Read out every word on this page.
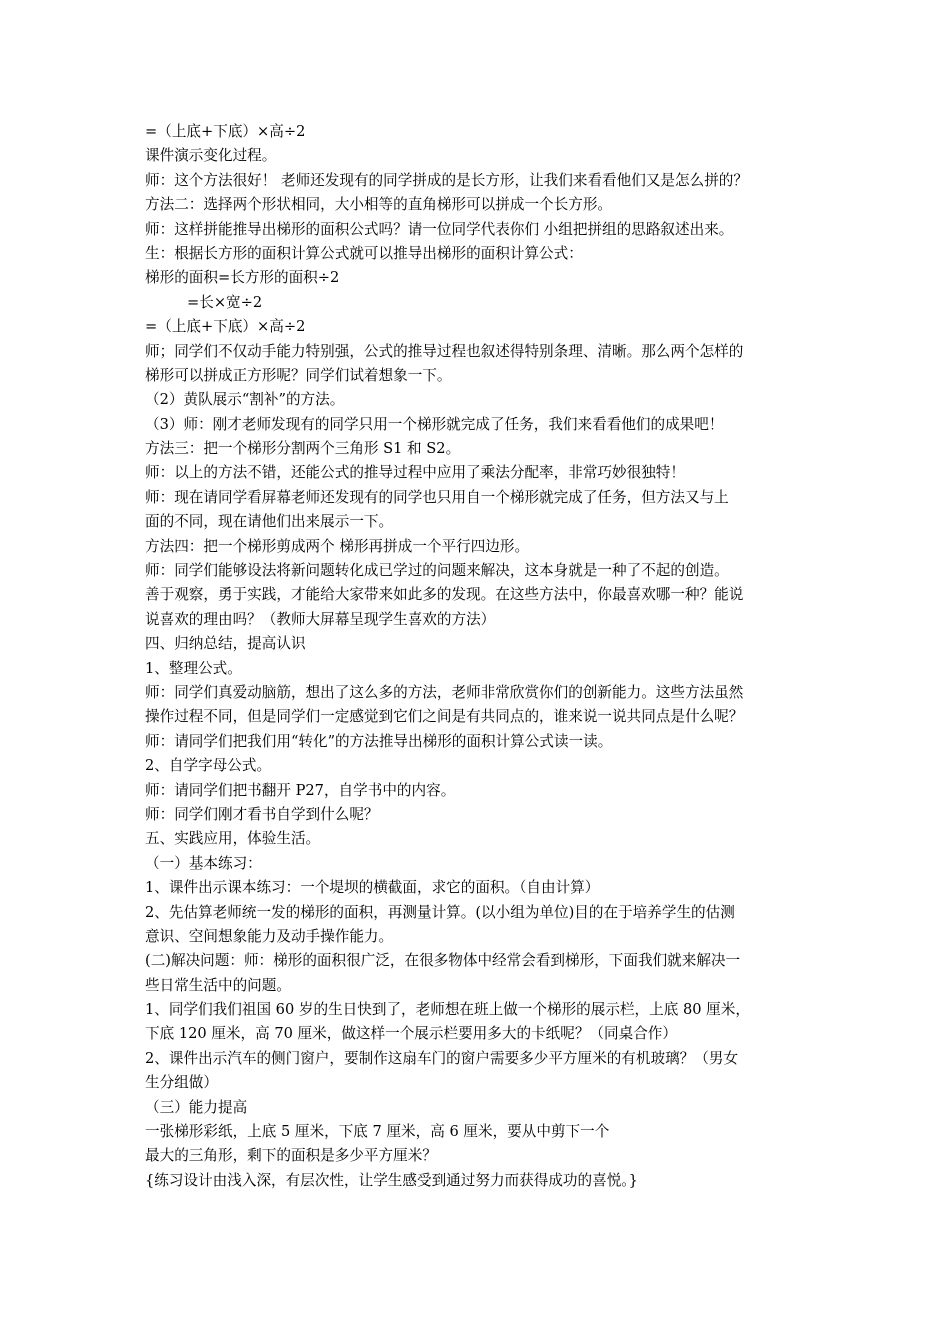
=（上底+下底）×高÷2
课件演示变化过程。
师：这个方法很好！ 老师还发现有的同学拼成的是长方形，让我们来看看他们又是怎么拼的？
方法二：选择两个形状相同，大小相等的直角梯形可以拼成一个长方形。
师：这样拼能推导出梯形的面积公式吗？请一位同学代表你们 小组把拼组的思路叙述出来。
生：根据长方形的面积计算公式就可以推导出梯形的面积计算公式：
梯形的面积=长方形的面积÷2
=长×宽÷2
=（上底+下底）×高÷2
师；同学们不仅动手能力特别强，公式的推导过程也叙述得特别条理、清晰。那么两个怎样的
梯形可以拼成正方形呢？同学们试着想象一下。
（2）黄队展示“割补”的方法。
（3）师：刚才老师发现有的同学只用一个梯形就完成了任务，我们来看看他们的成果吧！
方法三：把一个梯形分割两个三角形 S1 和 S2。
师：以上的方法不错，还能公式的推导过程中应用了乘法分配率，非常巧妙很独特！
师：现在请同学看屏幕老师还发现有的同学也只用自一个梯形就完成了任务，但方法又与上
面的不同，现在请他们出来展示一下。
方法四：把一个梯形剪成两个 梯形再拼成一个平行四边形。
师：同学们能够设法将新问题转化成已学过的问题来解决，这本身就是一种了不起的创造。
善于观察，勇于实践，才能给大家带来如此多的发现。在这些方法中，你最喜欢哪一种？能说
说喜欢的理由吗？（教师大屏幕呈现学生喜欢的方法）
四、归纳总结，提高认识
1、整理公式。
师：同学们真爱动脑筋，想出了这么多的方法，老师非常欣赏你们的创新能力。这些方法虽然
操作过程不同，但是同学们一定感觉到它们之间是有共同点的，谁来说一说共同点是什么呢？
师：请同学们把我们用“转化”的方法推导出梯形的面积计算公式读一读。
2、自学字母公式。
师：请同学们把书翻开 P27，自学书中的内容。
师：同学们刚才看书自学到什么呢？
五、实践应用，体验生活。
（一）基本练习：
1、课件出示课本练习：一个堤坝的横截面，求它的面积。（自由计算）
2、先估算老师统一发的梯形的面积，再测量计算。(以小组为单位)目的在于培养学生的估测
意识、空间想象能力及动手操作能力。
(二)解决问题：师：梯形的面积很广泛，在很多物体中经常会看到梯形，下面我们就来解决一
些日常生活中的问题。
1、同学们我们祖国 60 岁的生日快到了，老师想在班上做一个梯形的展示栏，上底 80 厘米，
下底 120 厘米，高 70 厘米，做这样一个展示栏要用多大的卡纸呢？（同桌合作）
2、课件出示汽车的侧门窗户，要制作这扇车门的窗户需要多少平方厘米的有机玻璃？（男女
生分组做）
（三）能力提高
一张梯形彩纸，上底 5 厘米，下底 7 厘米，高 6 厘米，要从中剪下一个
最大的三角形，剩下的面积是多少平方厘米？
{练习设计由浅入深，有层次性，让学生感受到通过努力而获得成功的喜悦。}
